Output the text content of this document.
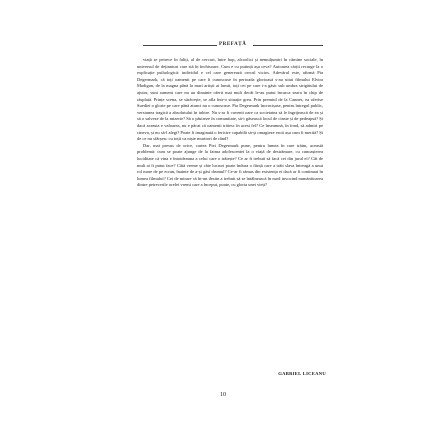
PREFAȚĂ

viață se petrece în faliți, al de cercuri, între hop, alcoolici și nemulțumiri în cămine sociale, în universul de deținuturi care stă în închisoare. Cum e cu putință așa ceva? Autoarea cărții recurge la o explicație psihologică: individul e cel care generează cercul vicios. Adevărul este, afirmă Pia Degermark, că toți oamenii pe care îi cunoscuse în perioada glorioasă s-au uitat filmului Elvira Madigan, de la magna până la mari artiști ai lumii, toți cei pe care i-a găsit sub umbra strigătului de ajutor, sunt oameni care nu au dinainte oferit mai mult decât le-au putut încarca seara în chip de răsplată. Prințe scena, se sărăcește, se afla într-o situație grea. Prin premiul de la Cannes, ea oferise Suediei o glorie pe care până atunci nu o cunoscuse. Pia Degermark încrucișase, pentru întregul public, versiunea tragică a absolutului în iubire. Nu s-ar fi cuvenit oare ca societatea să le îngrijească de ea și să o salveze de la mizerie? Să o păstreze în comunitate, să-i găsească locul de cinste și de pedeapsă? Și dacă aceasta e valoarea, nu e păcat că oamenii trăiesc în acest fel? Ce înseamnă, în fond, să admiri pe cineva, și nu să-l alegi? Poate fi imaginată o fericire capabilă să-și omagieze eroii așa cum îi merită? Și de ce nu sfârșesc cu toții ca niște muritori de rând?

Dar, mai presus de orice, cartea Piei Degermark pune, pentru lumea în care trăim, această problemă: cum se poate ajunge de la faima adolescentei la o viață de destrămare, cu cunoașterea luciditate că vina e întotdeauna a celui care o trăiește? Ce ar fi trebuit să facă cei din jurul ei? Cât de mult ai fi putut face? Câtă vreme și câte lucruri poate îndura o ființă care a trăit slava întreagă a unui rol mare de pe ecran, înainte de a-și găsi drumul? Ce-ar fi rămas din existența ei dacă ar fi continuat în lumea filmului? Cei de mirare că în-un destin a trebuit să se întâlnească în mod invocind numărătoarea dintre petrecerile acelei vremi care a început, poate, cu gloria unei vieți?

GABRIEL LICEANU
10
